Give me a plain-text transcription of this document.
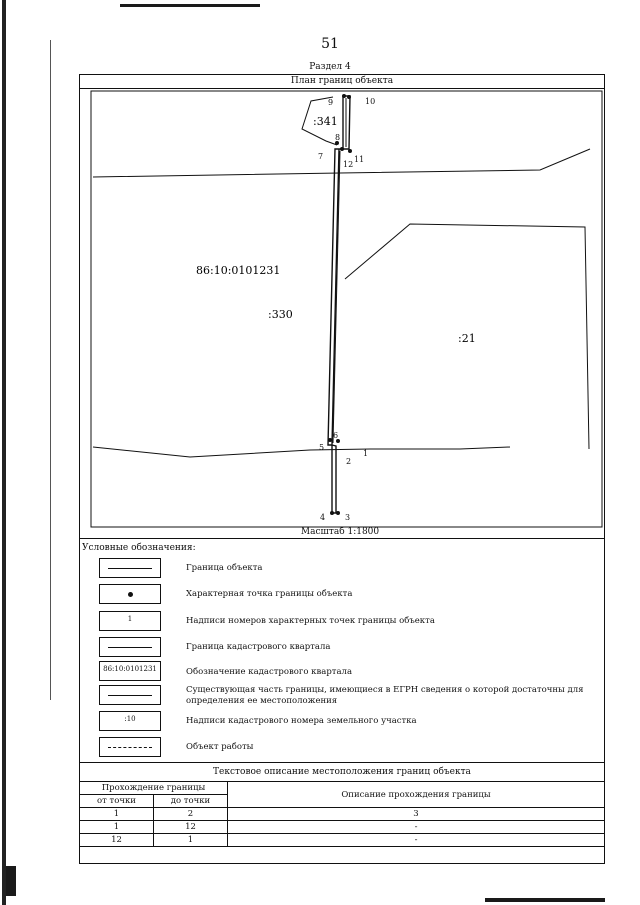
51
Раздел 4
План границ объекта
86:10:0101231
:341
:330
:21
1
2
3
4
5
6
7
8
9	10
11
12
Масштаб 1:1800
Условные обозначения:
Граница объекта
Характерная точка границы объекта
1	Надписи номеров характерных точек границы объекта
Граница кадастрового квартала
86:10:0101231	Обозначение кадастрового квартала
Существующая часть границы, имеющиеся в ЕГРН сведения о которой достаточны для определения ее местоположения
:10	Надписи кадастрового номера земельного участка
Объект работы
Текстовое описание местоположения границ объекта
Прохождение границы		Описание прохождения границы
от точки	до точки	
1	2	3
1	12	-
12	1	-
